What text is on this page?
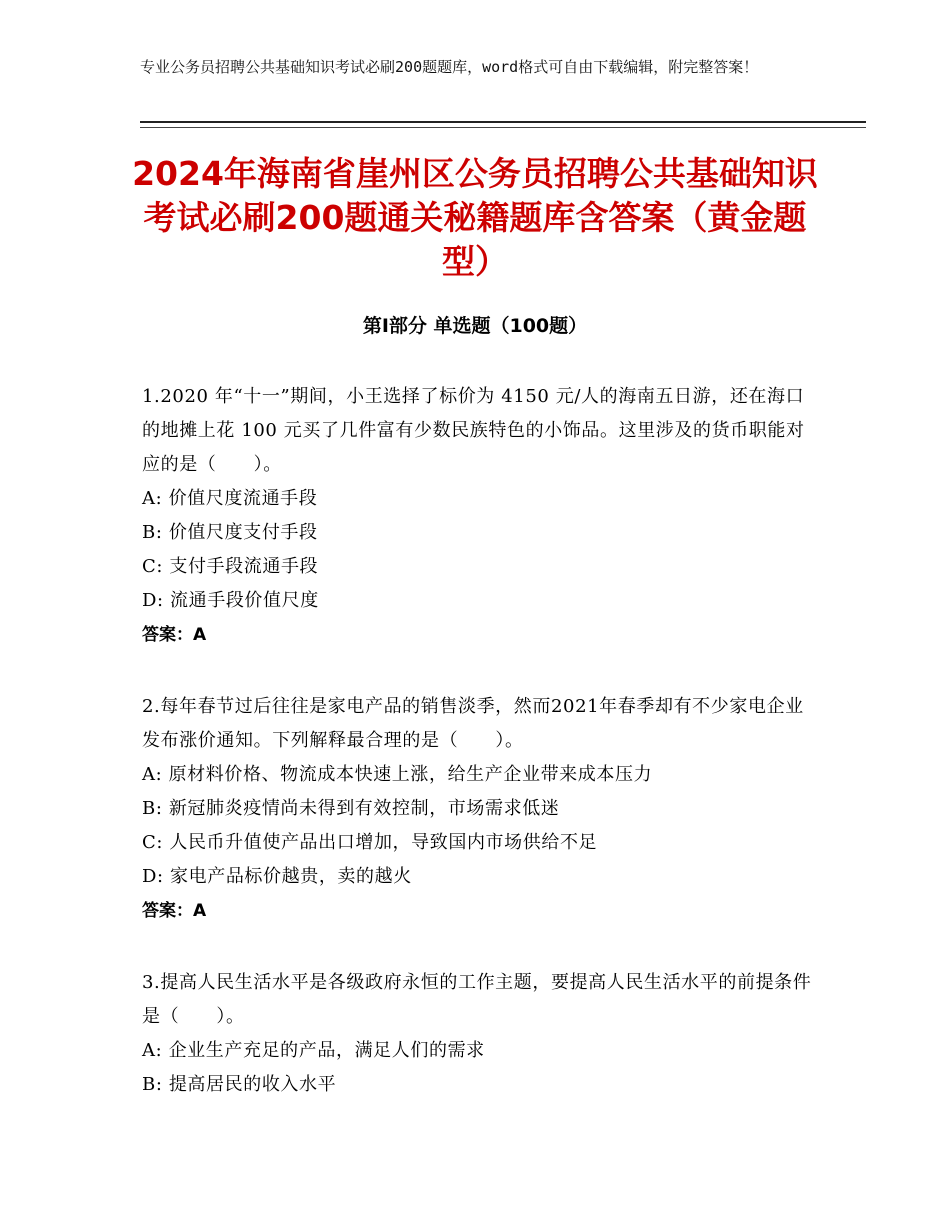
专业公务员招聘公共基础知识考试必刷200题题库，word格式可自由下载编辑，附完整答案！
2024年海南省崖州区公务员招聘公共基础知识考试必刷200题通关秘籍题库含答案（黄金题型）
第Ⅰ部分 单选题（100题）
1.2020 年“十一”期间，小王选择了标价为 4150 元/人的海南五日游，还在海口的地摊上花 100 元买了几件富有少数民族特色的小饰品。这里涉及的货币职能对应的是（　　）。
A: 价值尺度流通手段
B: 价值尺度支付手段
C: 支付手段流通手段
D: 流通手段价值尺度
答案：A
2.每年春节过后往往是家电产品的销售淡季，然而2021年春季却有不少家电企业发布涨价通知。下列解释最合理的是（　　）。
A: 原材料价格、物流成本快速上涨，给生产企业带来成本压力
B: 新冠肺炎疫情尚未得到有效控制，市场需求低迷
C: 人民币升值使产品出口增加，导致国内市场供给不足
D: 家电产品标价越贵，卖的越火
答案：A
3.提高人民生活水平是各级政府永恒的工作主题，要提高人民生活水平的前提条件是（　　）。
A: 企业生产充足的产品，满足人们的需求
B: 提高居民的收入水平
